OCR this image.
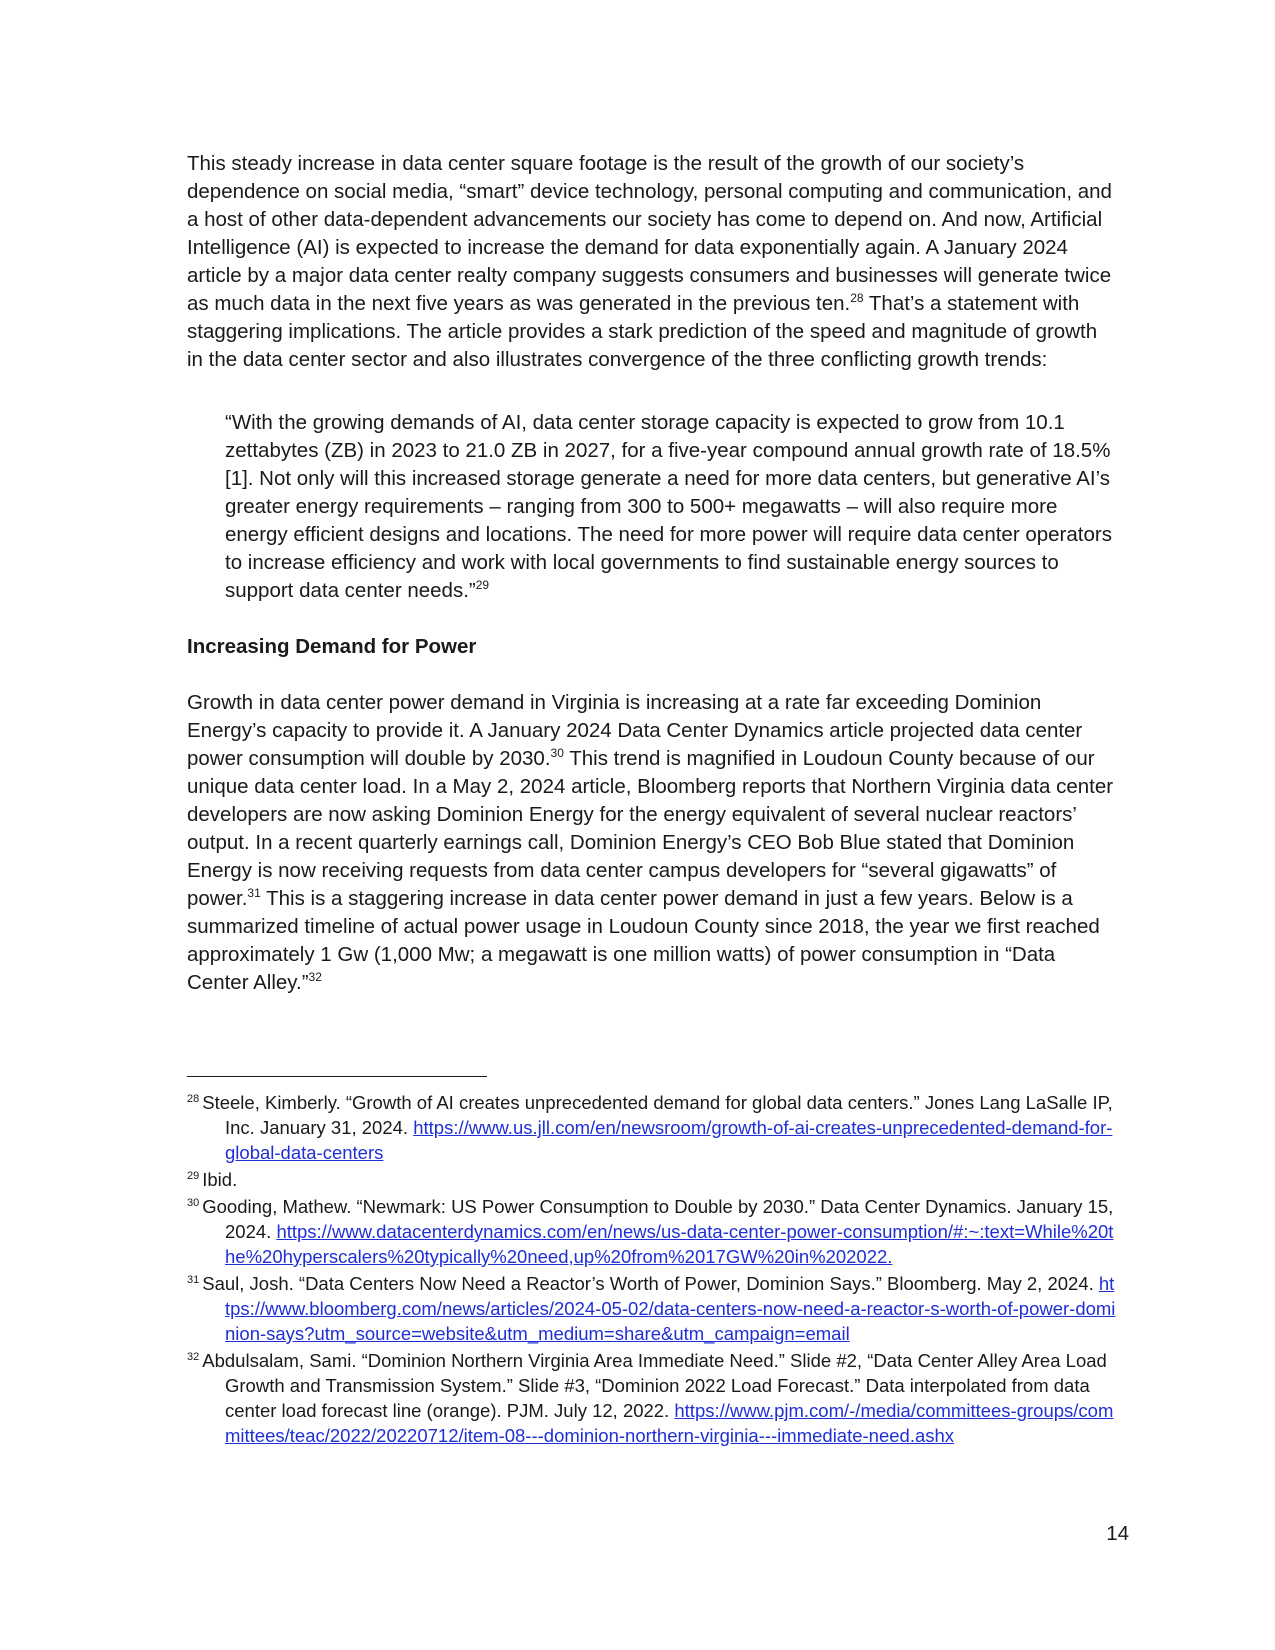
This steady increase in data center square footage is the result of the growth of our society’s dependence on social media, “smart” device technology, personal computing and communication, and a host of other data-dependent advancements our society has come to depend on. And now, Artificial Intelligence (AI) is expected to increase the demand for data exponentially again. A January 2024 article by a major data center realty company suggests consumers and businesses will generate twice as much data in the next five years as was generated in the previous ten.$^{28}$ That’s a statement with staggering implications. The article provides a stark prediction of the speed and magnitude of growth in the data center sector and also illustrates convergence of the three conflicting growth trends:

“With the growing demands of AI, data center storage capacity is expected to grow from 10.1 zettabytes (ZB) in 2023 to 21.0 ZB in 2027, for a five-year compound annual growth rate of 18.5%[1]. Not only will this increased storage generate a need for more data centers, but generative AI’s greater energy requirements – ranging from 300 to 500+ megawatts – will also require more energy efficient designs and locations. The need for more power will require data center operators to increase efficiency and work with local governments to find sustainable energy sources to support data center needs.”$^{29}$

Increasing Demand for Power

Growth in data center power demand in Virginia is increasing at a rate far exceeding Dominion Energy’s capacity to provide it. A January 2024 Data Center Dynamics article projected data center power consumption will double by 2030.30 This trend is magnified in Loudoun County because of our unique data center load. In a May 2, 2024 article, Bloomberg reports that Northern Virginia data center developers are now asking Dominion Energy for the energy equivalent of several nuclear reactors’ output. In a recent quarterly earnings call, Dominion Energy’s CEO Bob Blue stated that Dominion Energy is now receiving requests from data center campus developers for “several gigawatts” of power.$^{31}$ This is a staggering increase in data center power demand in just a few years. Below is a summarized timeline of actual power usage in Loudoun County since 2018, the year we first reached approximately 1 Gw (1,000 Mw; a megawatt is one million watts) of power consumption in “Data Center Alley.”$^{32}$

$^{28}$ Steele, Kimberly. “Growth of AI creates unprecedented demand for global data centers.” Jones Lang LaSalle IP, Inc. January 31, 2024. https://www.us.jll.com/en/newsroom/growth-of-ai-creates-unprecedented-demand-for-global-data-centers

$^{29}$ Ibid.

$^{30}$ Gooding, Mathew. “Newmark: US Power Consumption to Double by 2030.” Data Center Dynamics. January 15, 2024. https://www.datacenterdynamics.com/en/news/us-data-center-power-consumption/#:~:text=While%20the%20hyperscalers%20typically%20need,up%20from%2017GW%20in%202022.

$^{31}$ Saul, Josh. “Data Centers Now Need a Reactor’s Worth of Power, Dominion Says.” Bloomberg. May 2, 2024. https://www.bloomberg.com/news/articles/2024-05-02/data-centers-now-need-a-reactor-s-worth-of-power-dominion-says?utm_source=website&utm_medium=share&utm_campaign=email

$^{32}$ Abdulsalam, Sami. “Dominion Northern Virginia Area Immediate Need.” Slide #2, “Data Center Alley Area Load Growth and Transmission System.” Slide #3, “Dominion 2022 Load Forecast.” Data interpolated from data center load forecast line (orange). PJM. July 12, 2022. https://www.pjm.com/-/media/committees-groups/committees/teac/2022/20220712/item-08---dominion-northern-virginia---immediate-need.ashx

14
